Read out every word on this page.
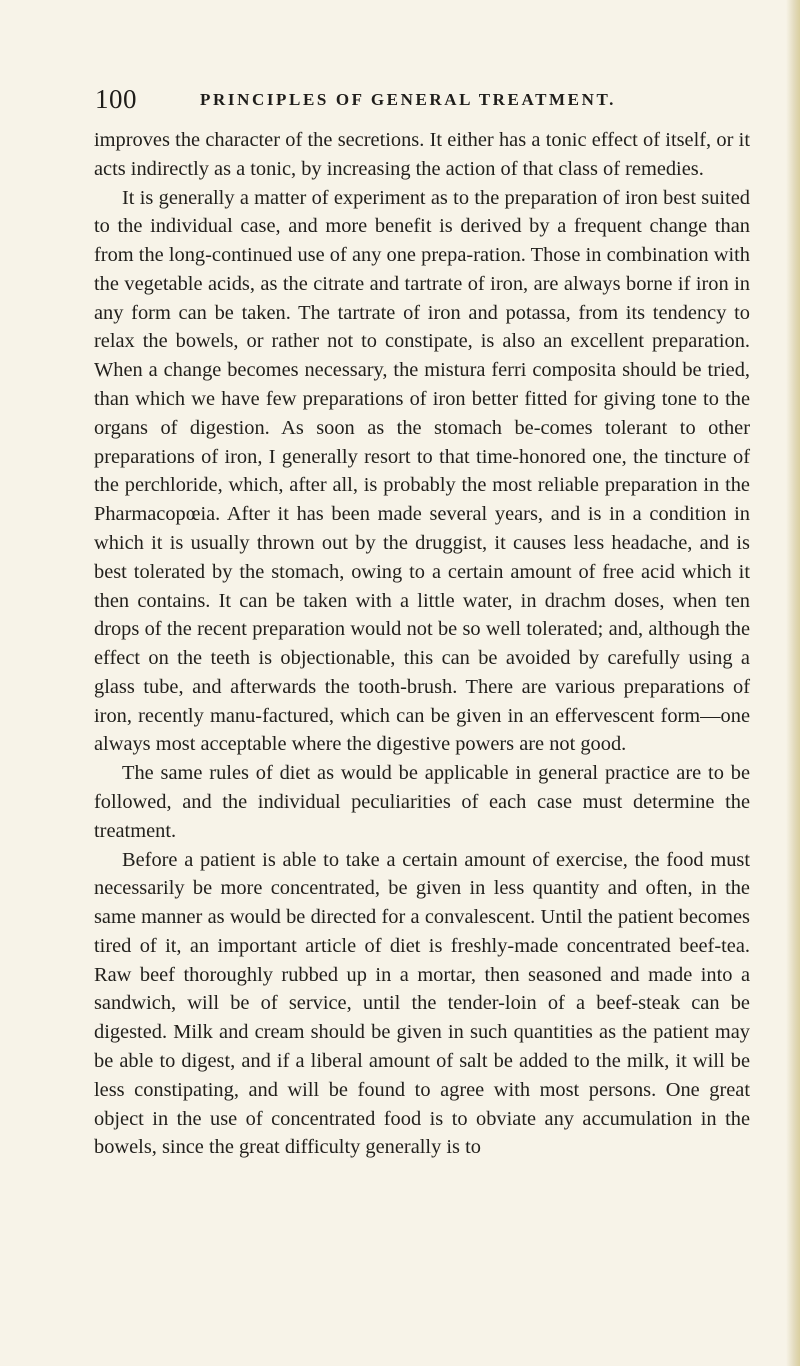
100	PRINCIPLES OF GENERAL TREATMENT.

improves the character of the secretions. It either has a tonic effect of itself, or it acts indirectly as a tonic, by increasing the action of that class of remedies.

It is generally a matter of experiment as to the preparation of iron best suited to the individual case, and more benefit is derived by a frequent change than from the long-continued use of any one prepa-ration. Those in combination with the vegetable acids, as the citrate and tartrate of iron, are always borne if iron in any form can be taken. The tartrate of iron and potassa, from its tendency to relax the bowels, or rather not to constipate, is also an excellent preparation. When a change becomes necessary, the mistura ferri composita should be tried, than which we have few preparations of iron better fitted for giving tone to the organs of digestion. As soon as the stomach be-comes tolerant to other preparations of iron, I generally resort to that time-honored one, the tincture of the perchloride, which, after all, is probably the most reliable preparation in the Pharmacopœia. After it has been made several years, and is in a condition in which it is usually thrown out by the druggist, it causes less headache, and is best tolerated by the stomach, owing to a certain amount of free acid which it then contains. It can be taken with a little water, in drachm doses, when ten drops of the recent preparation would not be so well tolerated; and, although the effect on the teeth is objectionable, this can be avoided by carefully using a glass tube, and afterwards the tooth-brush. There are various preparations of iron, recently manu-factured, which can be given in an effervescent form—one always most acceptable where the digestive powers are not good.

The same rules of diet as would be applicable in general practice are to be followed, and the individual peculiarities of each case must determine the treatment.

Before a patient is able to take a certain amount of exercise, the food must necessarily be more concentrated, be given in less quantity and often, in the same manner as would be directed for a convalescent. Until the patient becomes tired of it, an important article of diet is freshly-made concentrated beef-tea. Raw beef thoroughly rubbed up in a mortar, then seasoned and made into a sandwich, will be of service, until the tender-loin of a beef-steak can be digested. Milk and cream should be given in such quantities as the patient may be able to digest, and if a liberal amount of salt be added to the milk, it will be less constipating, and will be found to agree with most persons. One great object in the use of concentrated food is to obviate any accumulation in the bowels, since the great difficulty generally is to
